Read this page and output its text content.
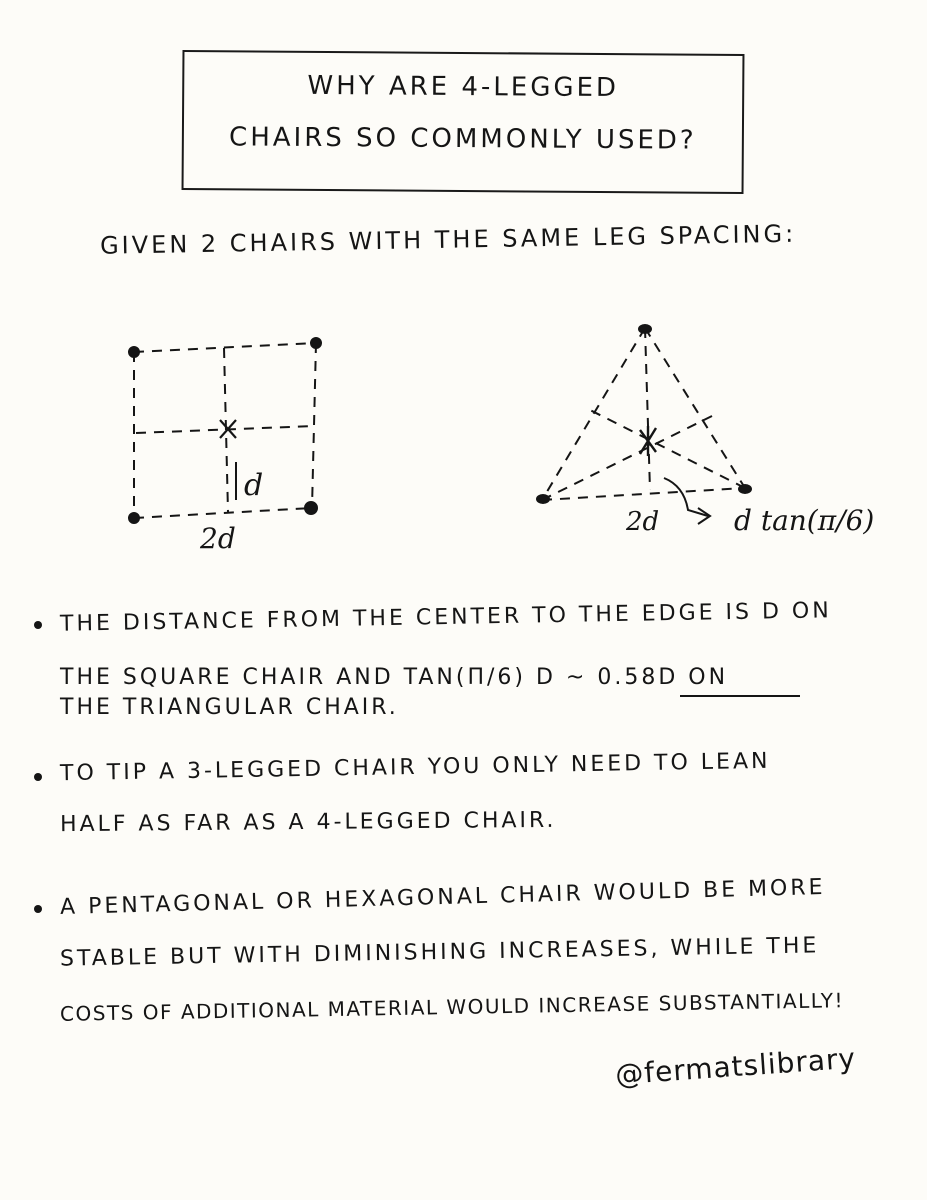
WHY ARE 4-LEGGED
CHAIRS SO COMMONLY USED?
GIVEN 2 CHAIRS WITH THE SAME LEG SPACING:
d
2d	2d	d tan(π/6)
THE DISTANCE FROM THE CENTER TO THE EDGE IS D ON
THE SQUARE CHAIR AND TAN(Π/6) D ~ 0.58D ON
THE TRIANGULAR CHAIR.
TO TIP A 3-LEGGED CHAIR YOU ONLY NEED TO LEAN
HALF AS FAR AS A 4-LEGGED CHAIR.
A PENTAGONAL OR HEXAGONAL CHAIR WOULD BE MORE
STABLE BUT WITH DIMINISHING INCREASES, WHILE THE
COSTS OF ADDITIONAL MATERIAL WOULD INCREASE SUBSTANTIALLY!
@fermatslibrary
